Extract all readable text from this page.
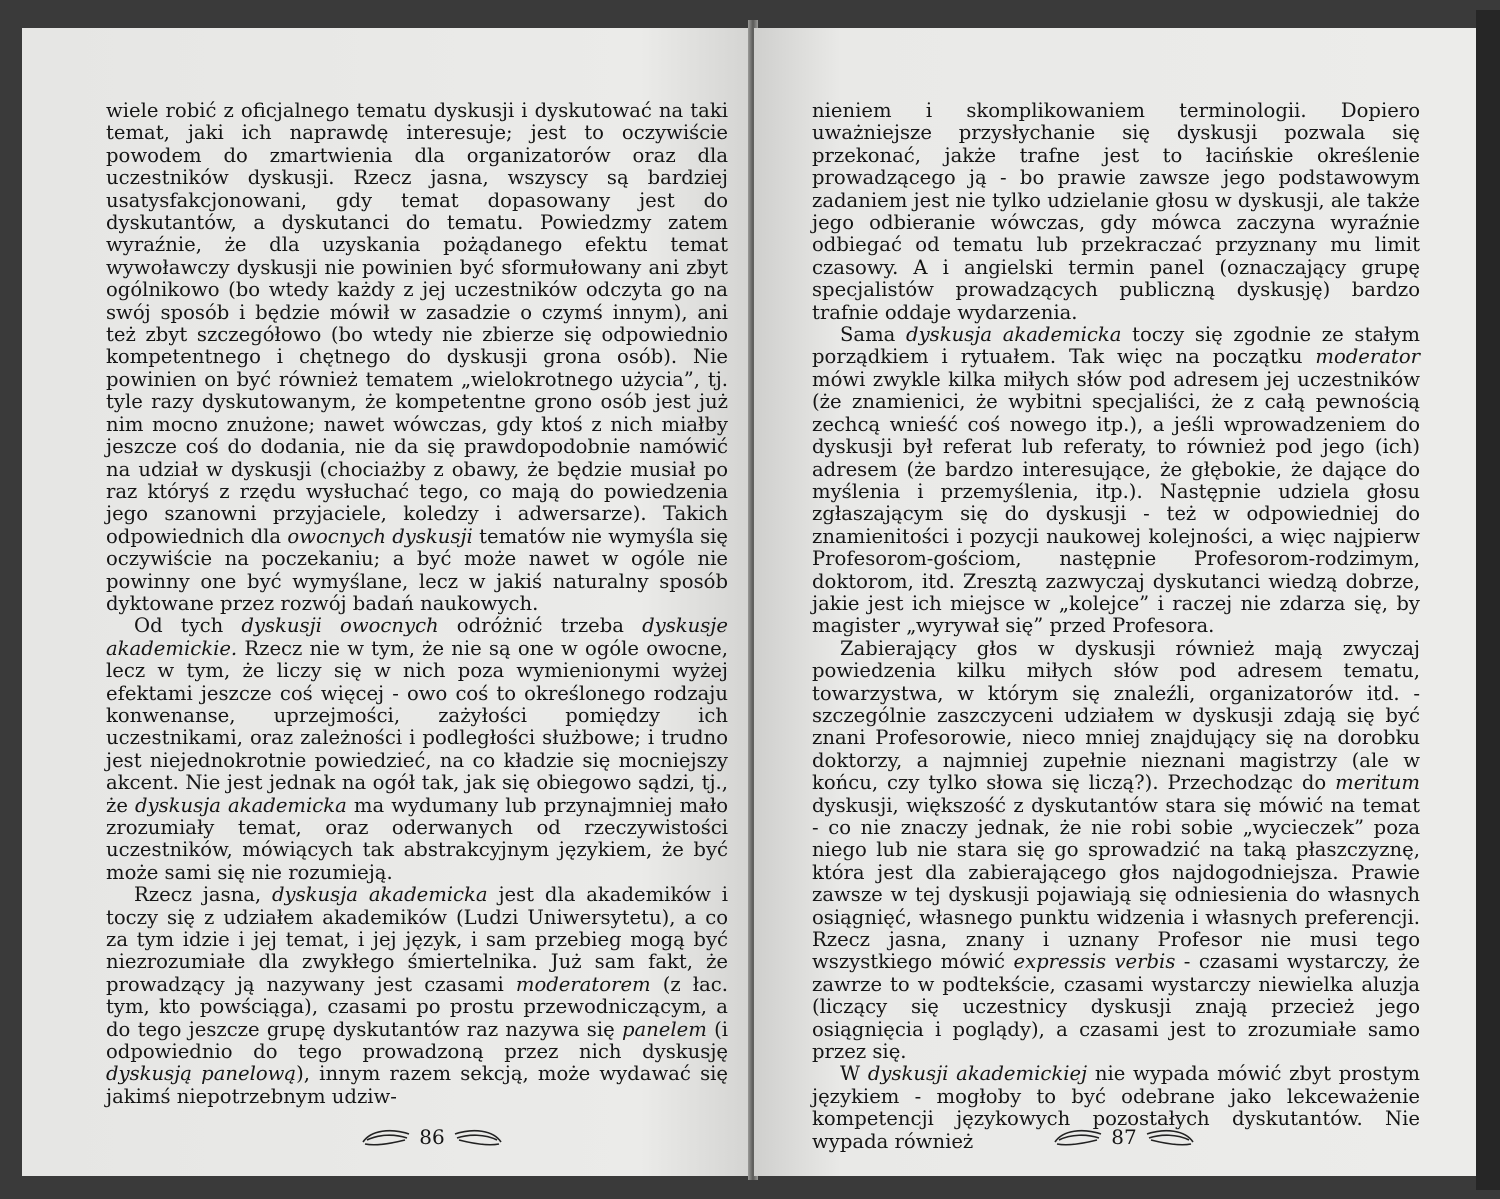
wiele robić z oficjalnego tematu dyskusji i dyskutować na taki temat, jaki ich naprawdę interesuje; jest to oczywiście powodem do zmartwienia dla organizatorów oraz dla uczestników dyskusji. Rzecz jasna, wszyscy są bardziej usatysfakcjonowani, gdy temat dopasowany jest do dyskutantów, a dyskutanci do tematu. Powiedzmy zatem wyraźnie, że dla uzyskania pożądanego efektu temat wywoławczy dyskusji nie powinien być sformułowany ani zbyt ogólnikowo (bo wtedy każdy z jej uczestników odczyta go na swój sposób i będzie mówił w zasadzie o czymś innym), ani też zbyt szczegółowo (bo wtedy nie zbierze się odpowiednio kompetentnego i chętnego do dyskusji grona osób). Nie powinien on być również tematem „wielokrotnego użycia”, tj. tyle razy dyskutowanym, że kompetentne grono osób jest już nim mocno znużone; nawet wówczas, gdy ktoś z nich miałby jeszcze coś do dodania, nie da się prawdopodobnie namówić na udział w dyskusji (chociażby z obawy, że będzie musiał po raz któryś z rzędu wysłuchać tego, co mają do powiedzenia jego szanowni przyjaciele, koledzy i adwersarze). Takich odpowiednich dla owocnych dyskusji tematów nie wymyśla się oczywiście na poczekaniu; a być może nawet w ogóle nie powinny one być wymyślane, lecz w jakiś naturalny sposób dyktowane przez rozwój badań naukowych.

Od tych dyskusji owocnych odróżnić trzeba dyskusje akademickie. Rzecz nie w tym, że nie są one w ogóle owocne, lecz w tym, że liczy się w nich poza wymienionymi wyżej efektami jeszcze coś więcej - owo coś to określonego rodzaju konwenanse, uprzejmości, zażyłości pomiędzy ich uczestnikami, oraz zależności i podległości służbowe; i trudno jest niejednokrotnie powiedzieć, na co kładzie się mocniejszy akcent. Nie jest jednak na ogół tak, jak się obiegowo sądzi, tj., że dyskusja akademicka ma wydumany lub przynajmniej mało zrozumiały temat, oraz oderwanych od rzeczywistości uczestników, mówiących tak abstrakcyjnym językiem, że być może sami się nie rozumieją.

Rzecz jasna, dyskusja akademicka jest dla akademików i toczy się z udziałem akademików (Ludzi Uniwersytetu), a co za tym idzie i jej temat, i jej język, i sam przebieg mogą być niezrozumiałe dla zwykłego śmiertelnika. Już sam fakt, że prowadzący ją nazywany jest czasami moderatorem (z łac. tym, kto powściąga), czasami po prostu przewodniczącym, a do tego jeszcze grupę dyskutantów raz nazywa się panelem (i odpowiednio do tego prowadzoną przez nich dyskusję dyskusją panelową), innym razem sekcją, może wydawać się jakimś niepotrzebnym udziw-

86

nieniem i skomplikowaniem terminologii. Dopiero uważniejsze przysłychanie się dyskusji pozwala się przekonać, jakże trafne jest to łacińskie określenie prowadzącego ją - bo prawie zawsze jego podstawowym zadaniem jest nie tylko udzielanie głosu w dyskusji, ale także jego odbieranie wówczas, gdy mówca zaczyna wyraźnie odbiegać od tematu lub przekraczać przyznany mu limit czasowy. A i angielski termin panel (oznaczający grupę specjalistów prowadzących publiczną dyskusję) bardzo trafnie oddaje wydarzenia.

Sama dyskusja akademicka toczy się zgodnie ze stałym porządkiem i rytuałem. Tak więc na początku moderator mówi zwykle kilka miłych słów pod adresem jej uczestników (że znamienici, że wybitni specjaliści, że z całą pewnością zechcą wnieść coś nowego itp.), a jeśli wprowadzeniem do dyskusji był referat lub referaty, to również pod jego (ich) adresem (że bardzo interesujące, że głębokie, że dające do myślenia i przemyślenia, itp.). Następnie udziela głosu zgłaszającym się do dyskusji - też w odpowiedniej do znamienitości i pozycji naukowej kolejności, a więc najpierw Profesorom-gościom, następnie Profesorom-rodzimym, doktorom, itd. Zresztą zazwyczaj dyskutanci wiedzą dobrze, jakie jest ich miejsce w „kolejce” i raczej nie zdarza się, by magister „wyrywał się” przed Profesora.

Zabierający głos w dyskusji również mają zwyczaj powiedzenia kilku miłych słów pod adresem tematu, towarzystwa, w którym się znaleźli, organizatorów itd. - szczególnie zaszczyceni udziałem w dyskusji zdają się być znani Profesorowie, nieco mniej znajdujący się na dorobku doktorzy, a najmniej zupełnie nieznani magistrzy (ale w końcu, czy tylko słowa się liczą?). Przechodząc do meritum dyskusji, większość z dyskutantów stara się mówić na temat - co nie znaczy jednak, że nie robi sobie „wycieczek” poza niego lub nie stara się go sprowadzić na taką płaszczyznę, która jest dla zabierającego głos najdogodniejsza. Prawie zawsze w tej dyskusji pojawiają się odniesienia do własnych osiągnięć, własnego punktu widzenia i własnych preferencji. Rzecz jasna, znany i uznany Profesor nie musi tego wszystkiego mówić expressis verbis - czasami wystarczy, że zawrze to w podtekście, czasami wystarczy niewielka aluzja (liczący się uczestnicy dyskusji znają przecież jego osiągnięcia i poglądy), a czasami jest to zrozumiałe samo przez się.

W dyskusji akademickiej nie wypada mówić zbyt prostym językiem - mogłoby to być odebrane jako lekceważenie kompetencji językowych pozostałych dyskutantów. Nie wypada również	87
